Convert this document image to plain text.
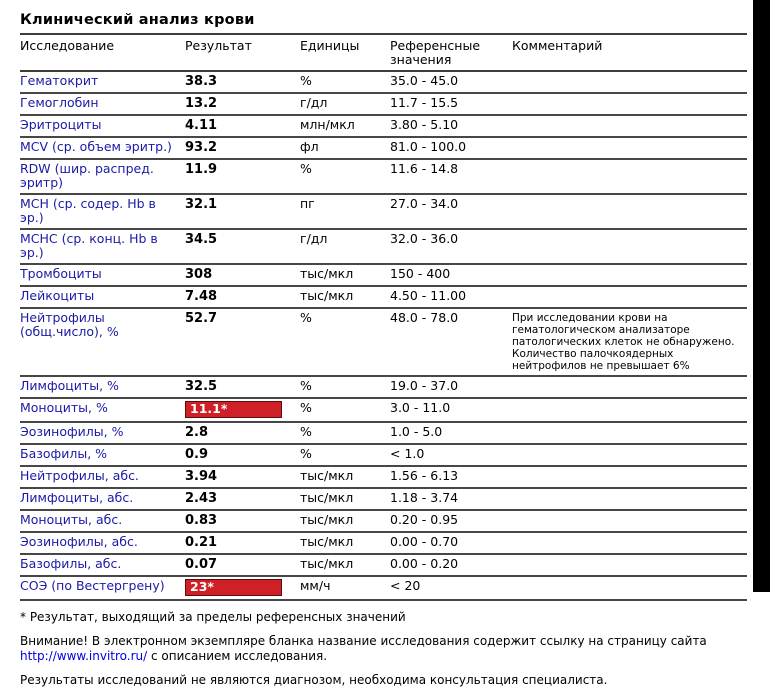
Клинический анализ крови
Исследование	Результат	Единицы	Референсные значения	Комментарий
Гематокрит	38.3	%	35.0 - 45.0	
Гемоглобин	13.2	г/дл	11.7 - 15.5	
Эритроциты	4.11	млн/мкл	3.80 - 5.10	
MCV (ср. объем эритр.)	93.2	фл	81.0 - 100.0	
RDW (шир. распред. эритр)	11.9	%	11.6 - 14.8	
МСН (ср. содер. Hb в эр.)	32.1	пг	27.0 - 34.0	
МСНС (ср. конц. Hb в эр.)	34.5	г/дл	32.0 - 36.0	
Тромбоциты	308	тыс/мкл	150 - 400	
Лейкоциты	7.48	тыс/мкл	4.50 - 11.00	
Нейтрофилы (общ.число), %	52.7	%	48.0 - 78.0	При исследовании крови на гематологическом анализаторе патологических клеток не обнаружено. Количество палочкоядерных нейтрофилов не превышает 6%
Лимфоциты, %	32.5	%	19.0 - 37.0	
Моноциты, %	11.1*	%	3.0 - 11.0	
Эозинофилы, %	2.8	%	1.0 - 5.0	
Базофилы, %	0.9	%	< 1.0	
Нейтрофилы, абс.	3.94	тыс/мкл	1.56 - 6.13	
Лимфоциты, абс.	2.43	тыс/мкл	1.18 - 3.74	
Моноциты, абс.	0.83	тыс/мкл	0.20 - 0.95	
Эозинофилы, абс.	0.21	тыс/мкл	0.00 - 0.70	
Базофилы, абс.	0.07	тыс/мкл	0.00 - 0.20	
СОЭ (по Вестергрену)	23*	мм/ч	< 20	

* Результат, выходящий за пределы референсных значений

Внимание! В электронном экземпляре бланка название исследования содержит ссылку на страницу сайта http://www.invitro.ru/ с описанием исследования.

Результаты исследований не являются диагнозом, необходима консультация специалиста.
